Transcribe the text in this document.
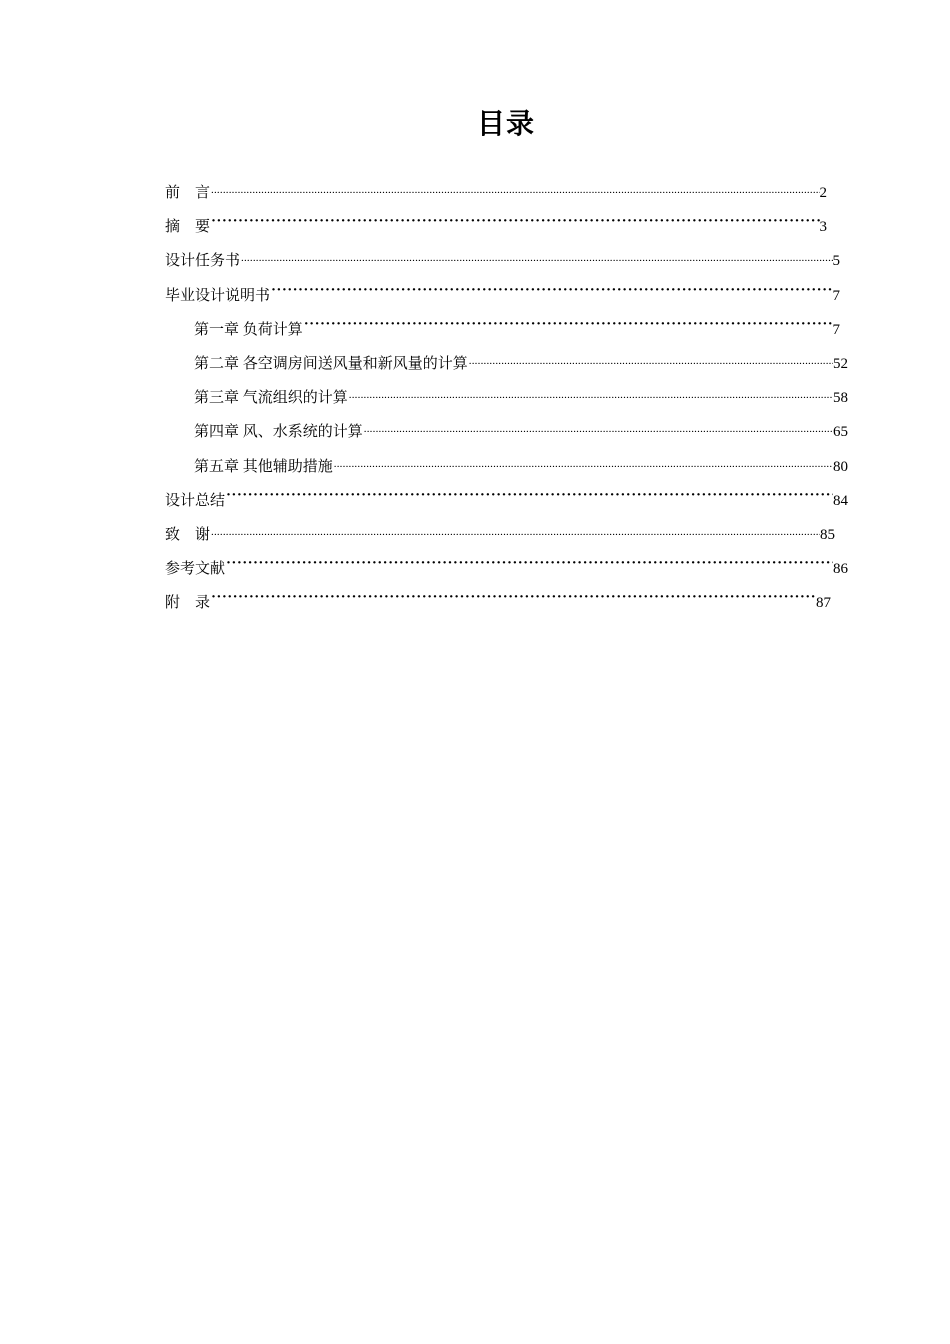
目录
前　言 .....	2
摘　要 ·····	3
设计任务书 .....	5
毕业设计说明书 ·····	7
第一章 负荷计算 ·····	7
第二章 各空调房间送风量和新风量的计算 .....	52
第三章 气流组织的计算 .....	58
第四章 风、水系统的计算 .....	65
第五章 其他辅助措施 .....	80
设计总结 ·····	84
致　谢 .....	85
参考文献 ·····	86
附　录 ·····	87
